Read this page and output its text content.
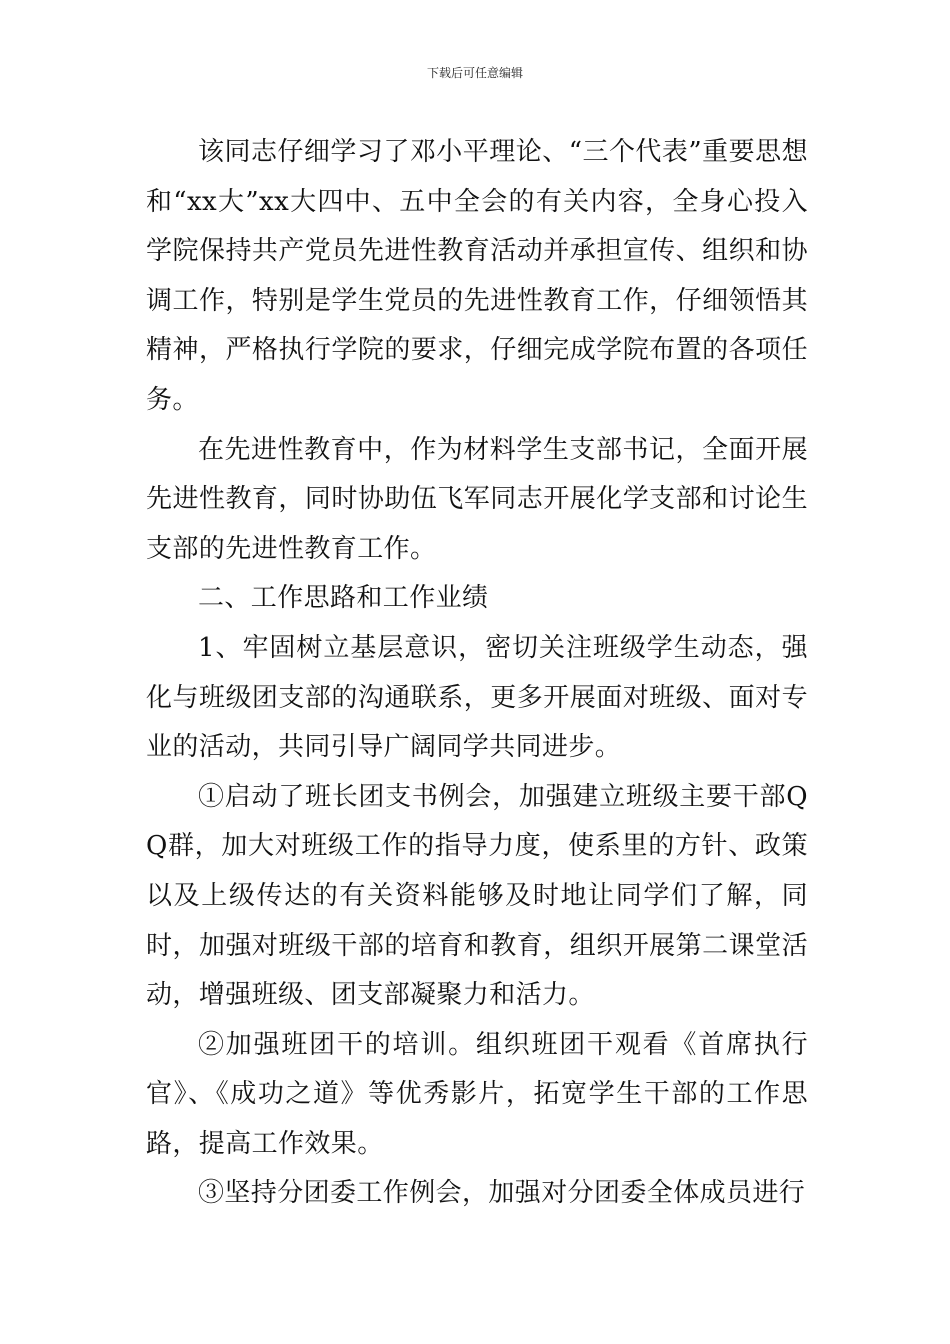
下载后可任意编辑

该同志仔细学习了邓小平理论、“三个代表”重要思想和“xx大”xx大四中、五中全会的有关内容，全身心投入学院保持共产党员先进性教育活动并承担宣传、组织和协调工作，特别是学生党员的先进性教育工作，仔细领悟其精神，严格执行学院的要求，仔细完成学院布置的各项任务。

在先进性教育中，作为材料学生支部书记，全面开展先进性教育，同时协助伍飞军同志开展化学支部和讨论生支部的先进性教育工作。

二、工作思路和工作业绩

1、牢固树立基层意识，密切关注班级学生动态，强化与班级团支部的沟通联系，更多开展面对班级、面对专业的活动，共同引导广阔同学共同进步。

①启动了班长团支书例会，加强建立班级主要干部QQ群，加大对班级工作的指导力度，使系里的方针、政策以及上级传达的有关资料能够及时地让同学们了解，同时，加强对班级干部的培育和教育，组织开展第二课堂活动，增强班级、团支部凝聚力和活力。

②加强班团干的培训。组织班团干观看《首席执行官》、《成功之道》等优秀影片，拓宽学生干部的工作思路，提高工作效果。

③坚持分团委工作例会，加强对分团委全体成员进行
